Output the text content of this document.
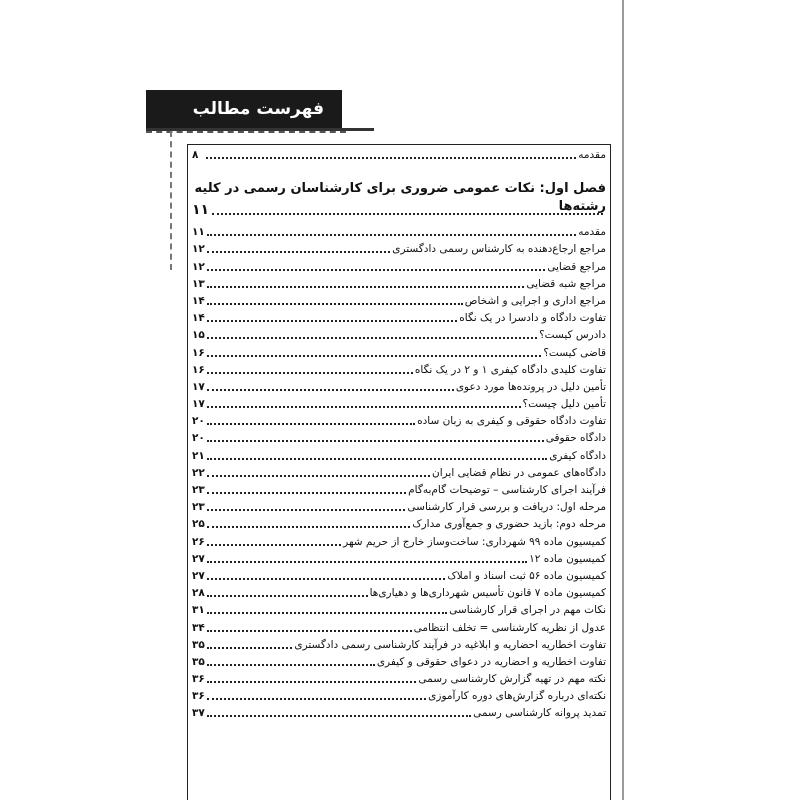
فهرست مطالب
مقدمه
۸
فصل اول: نکات عمومی ضروری برای کارشناسان رسمی در کلیه رشته‌ها
۱۱
مقدمه
۱۱
مراجع ارجاع‌دهنده به کارشناس رسمی دادگستری
۱۲
مراجع قضایی
۱۲
مراجع شبه قضایی
۱۳
مراجع اداری و اجرایی و اشخاص
۱۴
تفاوت دادگاه و دادسرا در یک نگاه
۱۴
دادرس کیست؟
۱۵
قاضی کیست؟
۱۶
تفاوت کلیدی دادگاه کیفری ۱ و ۲ در یک نگاه
۱۶
تأمین دلیل در پرونده‌ها مورد دعوی
۱۷
تأمین دلیل چیست؟
۱۷
تفاوت دادگاه حقوقی و کیفری به زبان ساده
۲۰
دادگاه حقوقی
۲۰
دادگاه کیفری
۲۱
دادگاه‌های عمومی در نظام قضایی ایران
۲۲
فرآیند اجرای کارشناسی – توضیحات گام‌به‌گام
۲۳
مرحله اول: دریافت و بررسی قرار کارشناسی
۲۳
مرحله دوم: بازید حضوری و جمع‌آوری مدارک
۲۵
کمیسیون ماده ۹۹ شهرداری: ساخت‌وساز خارج از حریم شهر
۲۶
کمیسیون ماده ۱۲
۲۷
کمیسیون ماده ۵۶ ثبت اسناد و املاک
۲۷
کمیسیون ماده ۷ قانون تأسیس شهرداری‌ها و دهیاری‌ها
۲۸
نکات مهم در اجرای قرار کارشناسی
۳۱
عدول از نظریه کارشناسی = تخلف انتظامی
۳۴
تفاوت اخطاریه احضاریه و ابلاغیه در فرآیند کارشناسی رسمی دادگستری
۳۵
تفاوت اخطاریه و احضاریه در دعوای حقوقی و کیفری
۳۵
نکته مهم در تهیه گزارش کارشناسی رسمی
۳۶
نکته‌ای درباره گزارش‌های دوره کارآموزی
۳۶
تمدید پروانه کارشناسی رسمی
۳۷
